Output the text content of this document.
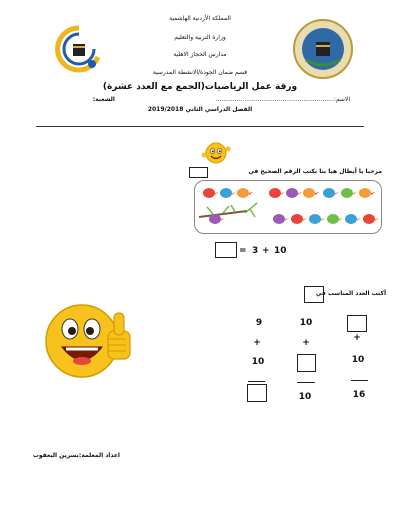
المملكة الأردنية الهاشمية
وزارة التربية والتعليم
مدارس الحجاز الاهلية
قسم ضمان الجودة/الانشطة المدرسية
ورقة عمل الرياضيات(الجمع مع العدد عشرة)
الاسم:..............................................................
الشعبة:
الفصل الدراسي الثاني 2019/2018
مرحبا يا أبطال هيا بنا نكتب الرقم الصحيح في
= 3 + 10
أكتب العدد المناسب في
9
+
10
10
+
10
+
10
16
اعداد المعلمة:نسرين اليعقوب
